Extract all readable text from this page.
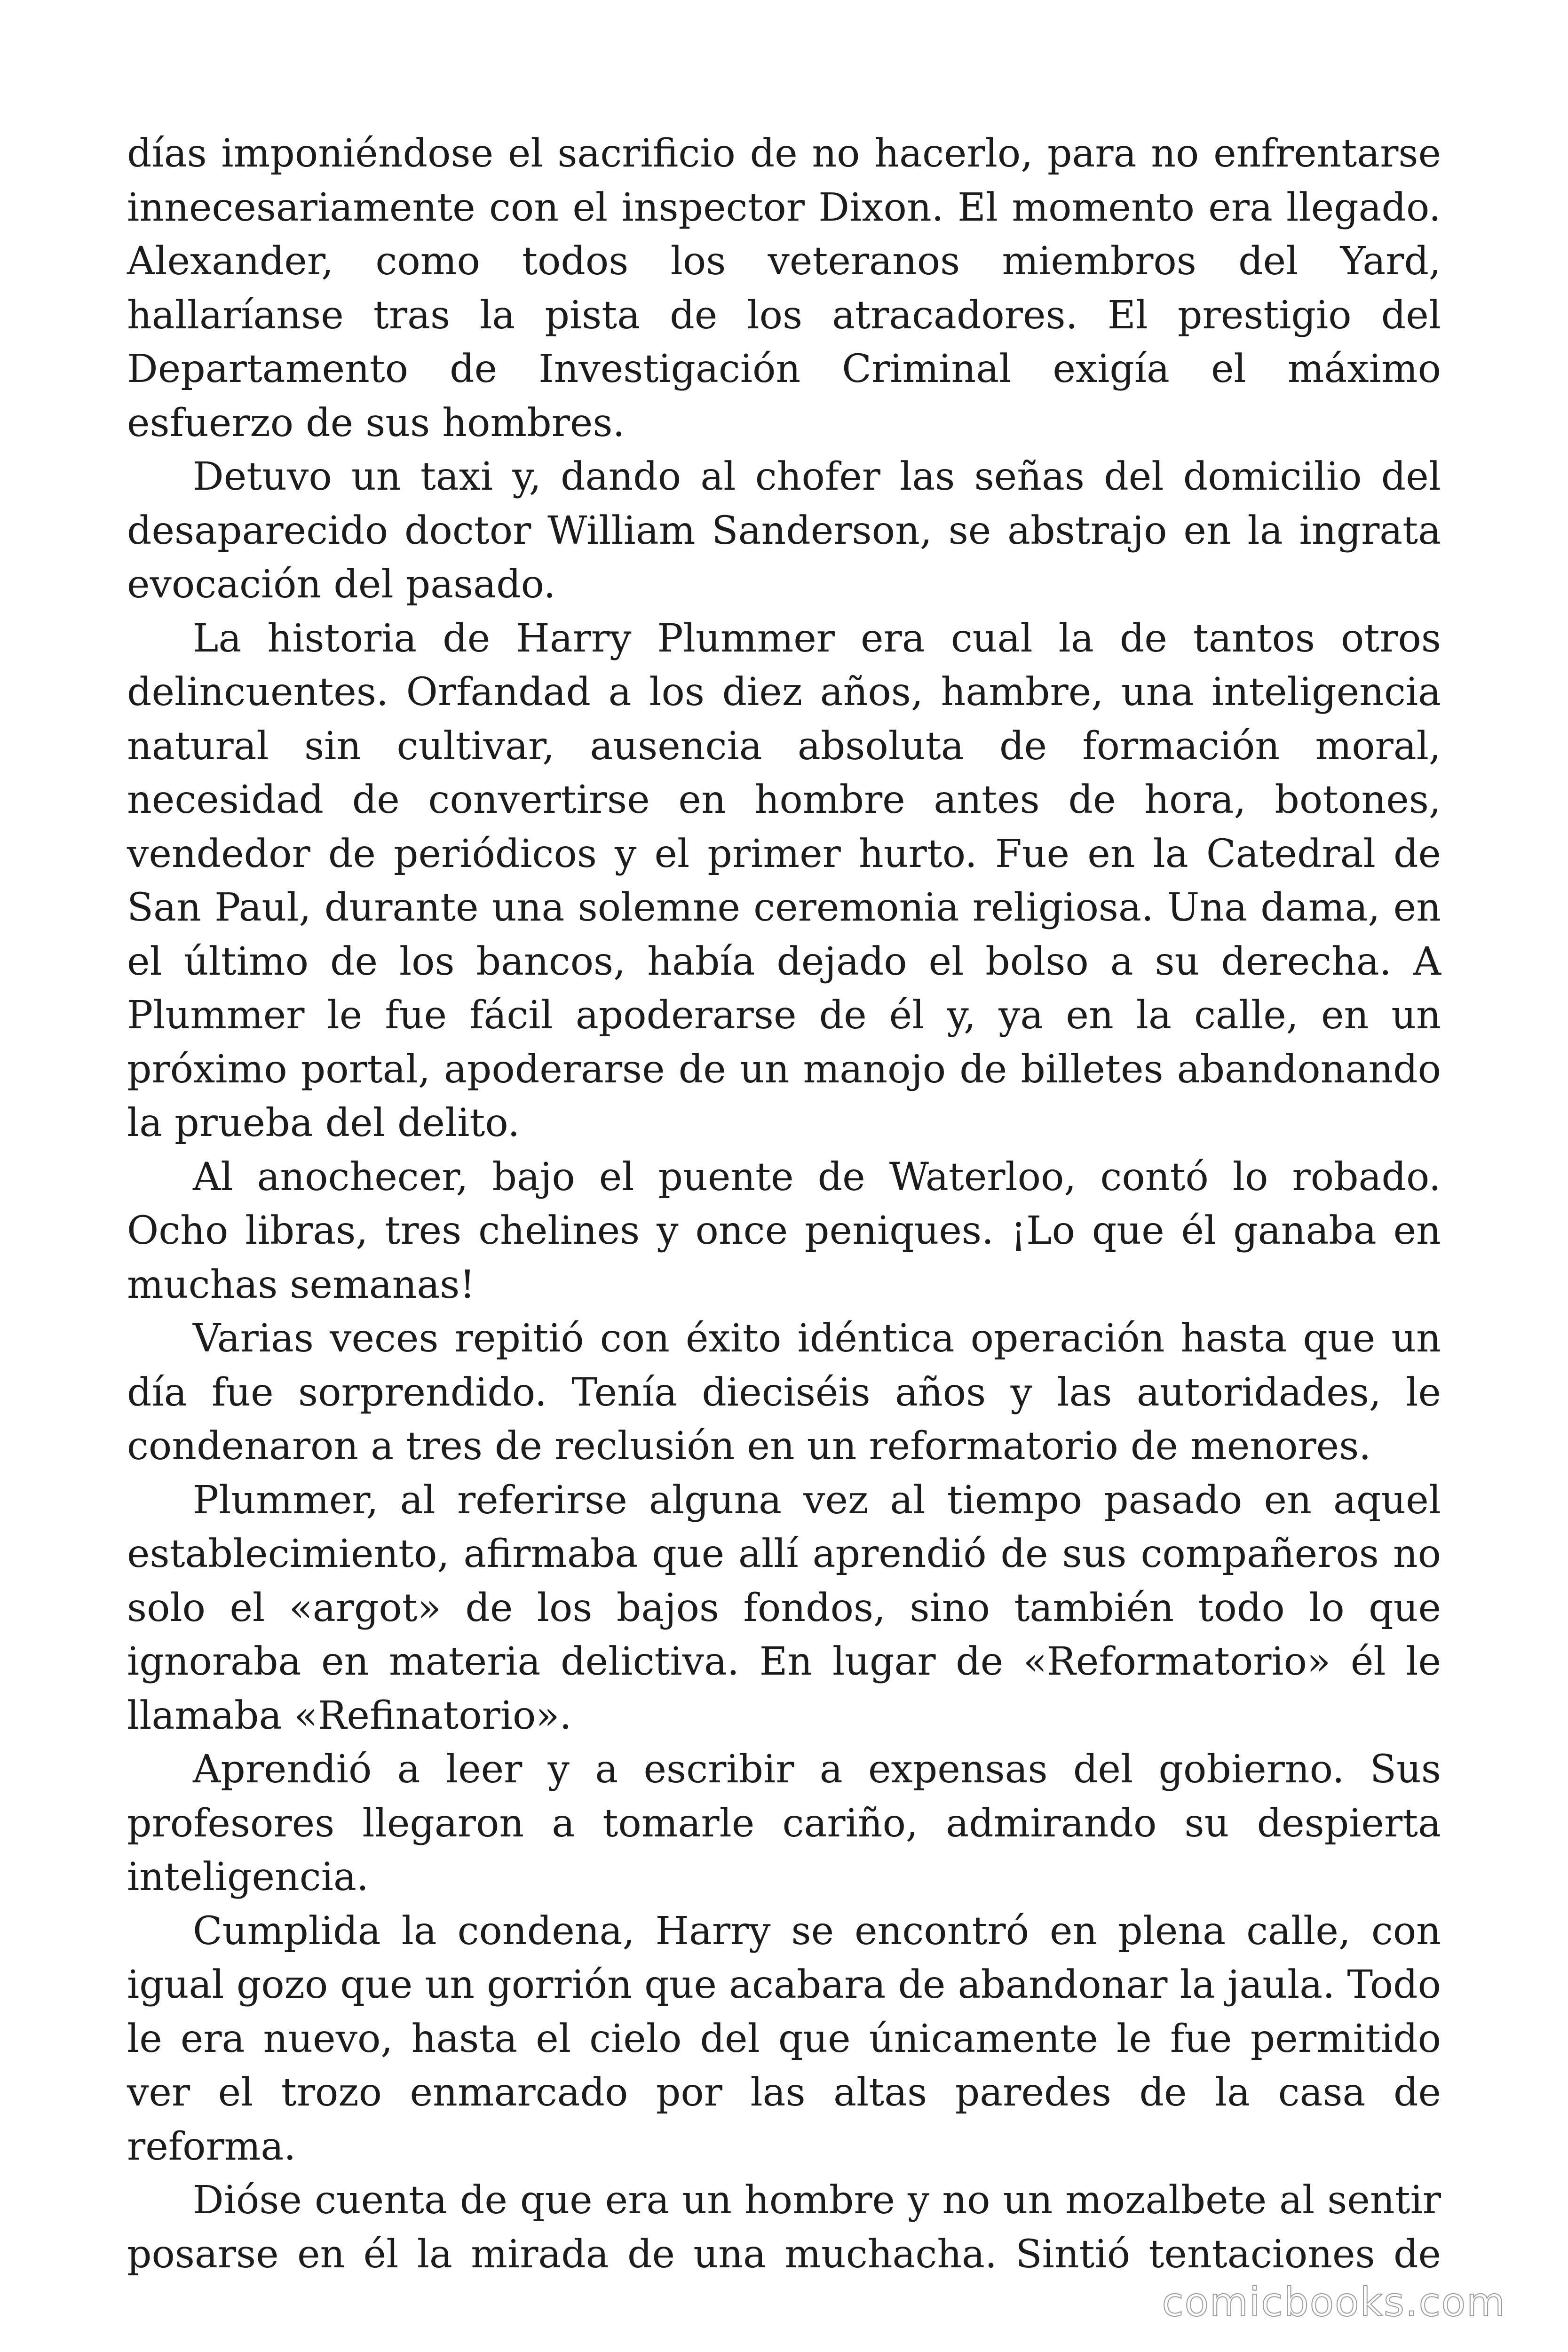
días imponiéndose el sacrificio de no hacerlo, para no enfrentarse innecesariamente con el inspector Dixon. El momento era llegado. Alexander, como todos los veteranos miembros del Yard, hallaríanse tras la pista de los atracadores. El prestigio del Departamento de Investigación Criminal exigía el máximo esfuerzo de sus hombres.

Detuvo un taxi y, dando al chofer las señas del domicilio del desaparecido doctor William Sanderson, se abstrajo en la ingrata evocación del pasado.

La historia de Harry Plummer era cual la de tantos otros delincuentes. Orfandad a los diez años, hambre, una inteligencia natural sin cultivar, ausencia absoluta de formación moral, necesidad de convertirse en hombre antes de hora, botones, vendedor de periódicos y el primer hurto. Fue en la Catedral de San Paul, durante una solemne ceremonia religiosa. Una dama, en el último de los bancos, había dejado el bolso a su derecha. A Plummer le fue fácil apoderarse de él y, ya en la calle, en un próximo portal, apoderarse de un manojo de billetes abandonando la prueba del delito.

Al anochecer, bajo el puente de Waterloo, contó lo robado. Ocho libras, tres chelines y once peniques. ¡Lo que él ganaba en muchas semanas!

Varias veces repitió con éxito idéntica operación hasta que un día fue sorprendido. Tenía dieciséis años y las autoridades, le condenaron a tres de reclusión en un reformatorio de menores.

Plummer, al referirse alguna vez al tiempo pasado en aquel establecimiento, afirmaba que allí aprendió de sus compañeros no solo el «argot» de los bajos fondos, sino también todo lo que ignoraba en materia delictiva. En lugar de «Reformatorio» él le llamaba «Refinatorio».

Aprendió a leer y a escribir a expensas del gobierno. Sus profesores llegaron a tomarle cariño, admirando su despierta inteligencia.

Cumplida la condena, Harry se encontró en plena calle, con igual gozo que un gorrión que acabara de abandonar la jaula. Todo le era nuevo, hasta el cielo del que únicamente le fue permitido ver el trozo enmarcado por las altas paredes de la casa de reforma.

Dióse cuenta de que era un hombre y no un mozalbete al sentir posarse en él la mirada de una muchacha. Sintió tentaciones de

comicbooks.com
